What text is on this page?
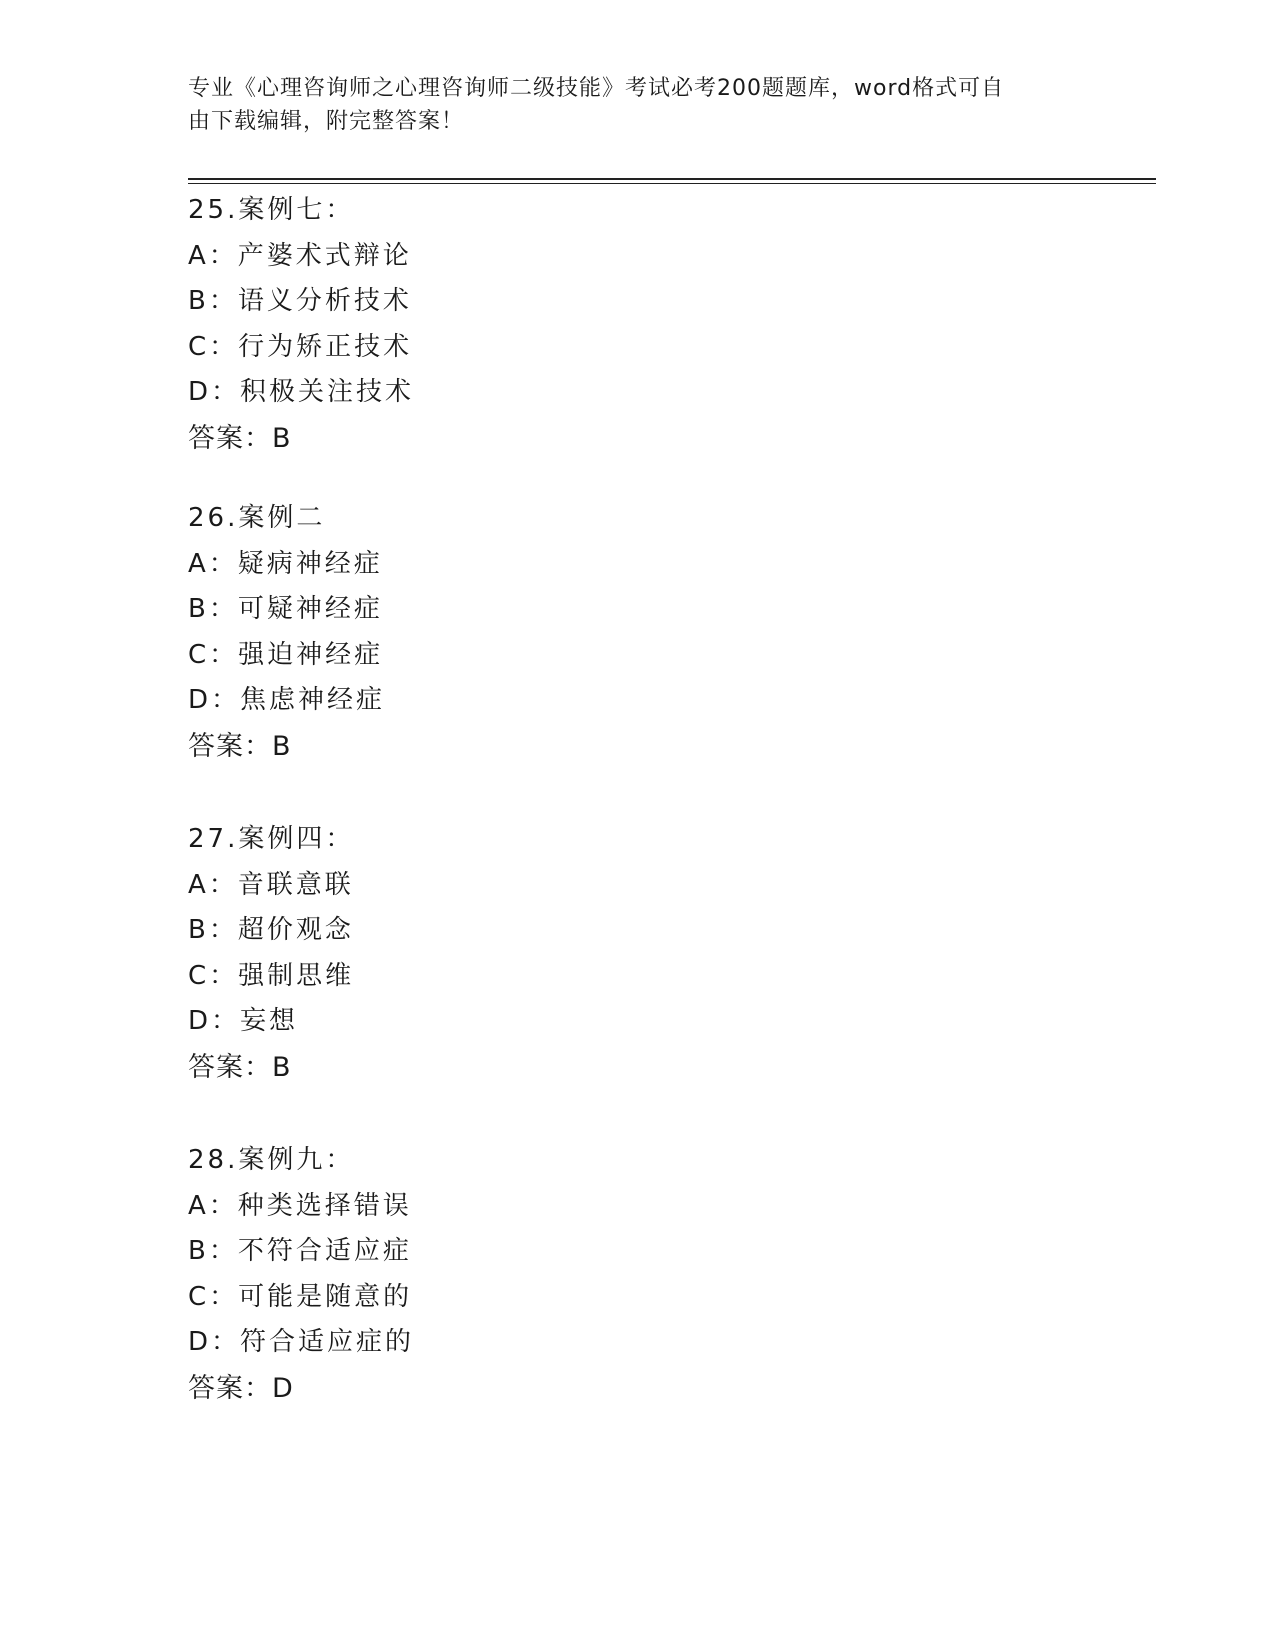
专业《心理咨询师之心理咨询师二级技能》考试必考200题题库，word格式可自
由下载编辑，附完整答案！
25.案例七：
A：产婆术式辩论
B：语义分析技术
C：行为矫正技术
D：积极关注技术
答案：B
26.案例二
A：疑病神经症
B：可疑神经症
C：强迫神经症
D：焦虑神经症
答案：B
27.案例四：
A：音联意联
B：超价观念
C：强制思维
D：妄想
答案：B
28.案例九：
A：种类选择错误
B：不符合适应症
C：可能是随意的
D：符合适应症的
答案：D
